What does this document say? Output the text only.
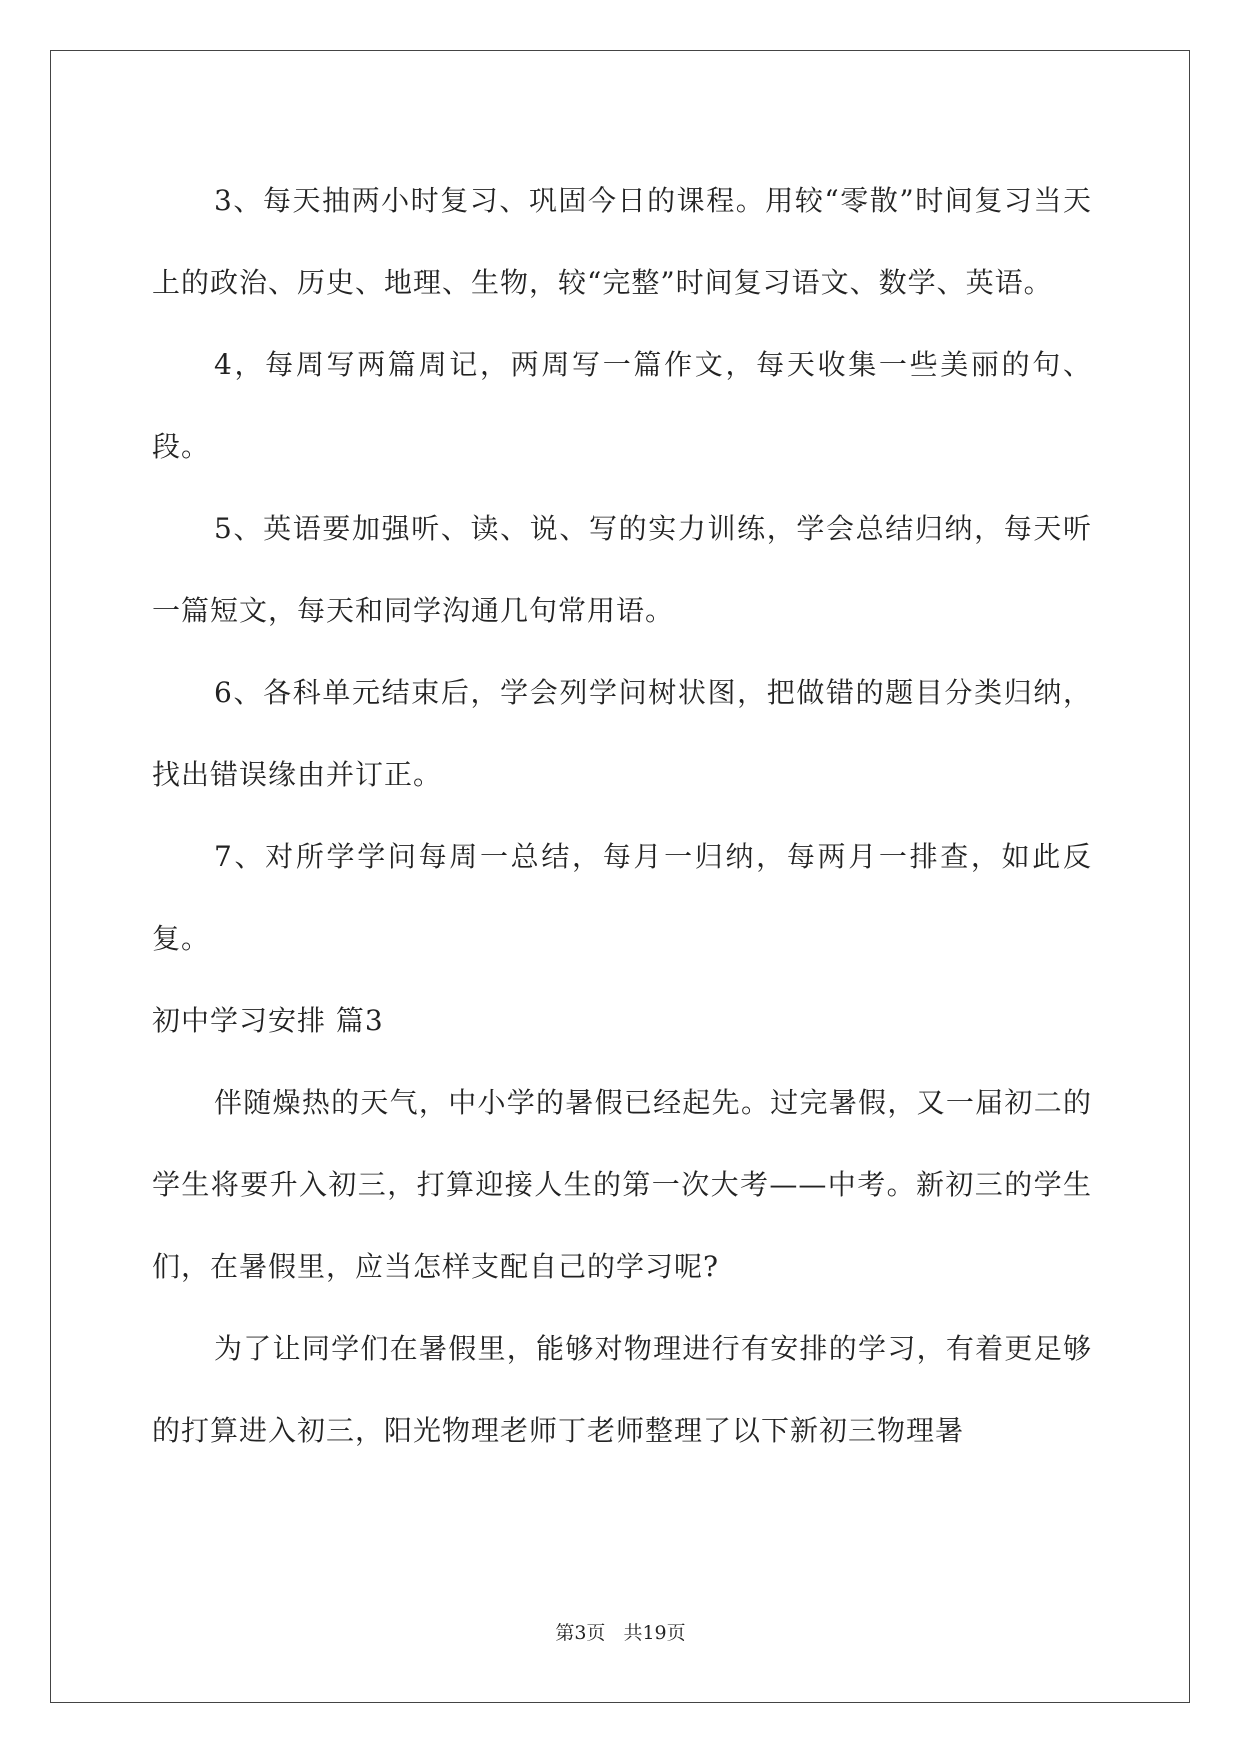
3、每天抽两小时复习、巩固今日的课程。用较“零散”时间复习当天上的政治、历史、地理、生物，较“完整”时间复习语文、数学、英语。

4，每周写两篇周记，两周写一篇作文，每天收集一些美丽的句、段。

5、英语要加强听、读、说、写的实力训练，学会总结归纳，每天听一篇短文，每天和同学沟通几句常用语。

6、各科单元结束后，学会列学问树状图，把做错的题目分类归纳，找出错误缘由并订正。

7、对所学学问每周一总结，每月一归纳，每两月一排查，如此反复。

初中学习安排 篇3

伴随燥热的天气，中小学的暑假已经起先。过完暑假，又一届初二的学生将要升入初三，打算迎接人生的第一次大考——中考。新初三的学生们，在暑假里，应当怎样支配自己的学习呢?

为了让同学们在暑假里，能够对物理进行有安排的学习，有着更足够的打算进入初三，阳光物理老师丁老师整理了以下新初三物理暑

第3页 共19页
